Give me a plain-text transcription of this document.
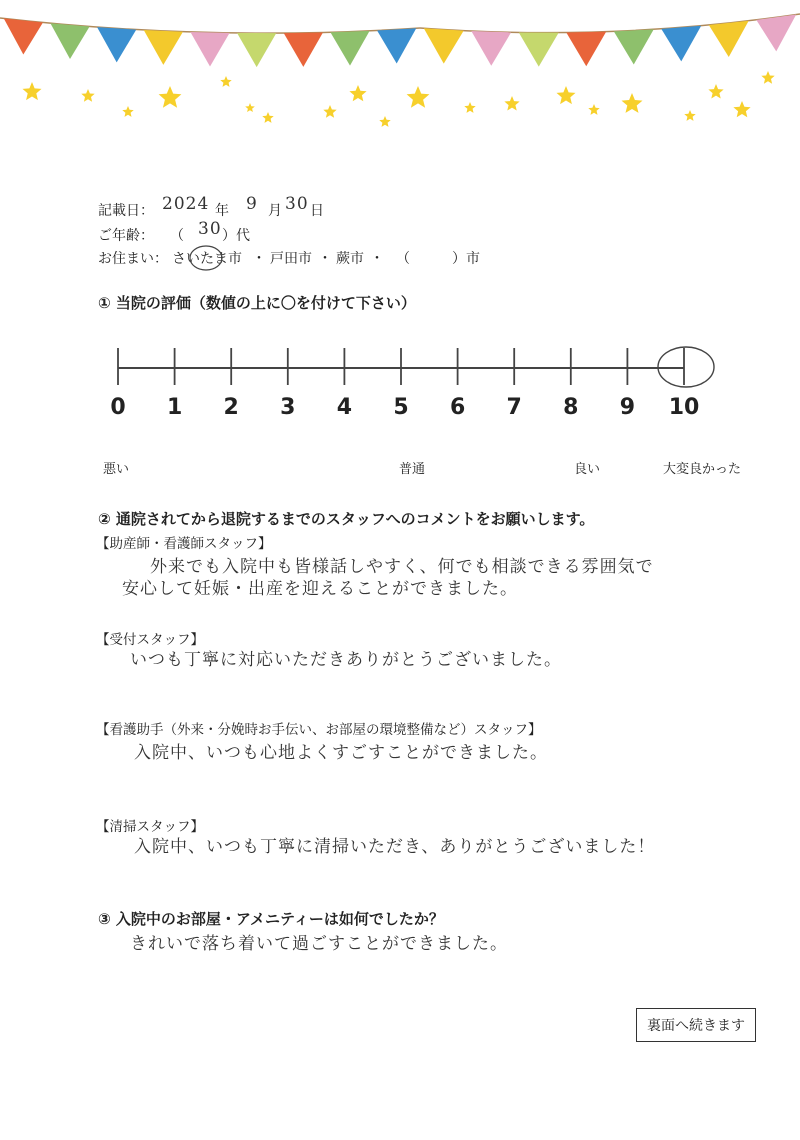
記載日： 2024 年 9 月 30 日
ご年齢： （ 30 ）代
お住まい： さいたま市 ・ 戸田市 ・ 蕨市 ・ （　　　）市
① 当院の評価（数値の上に〇を付けて下さい）
0 1 2 3 4 5 6 7 8 9 10
悪い	普通	良い	大変良かった
② 通院されてから退院するまでのスタッフへのコメントをお願いします。
【助産師・看護師スタッフ】
外来でも入院中も皆様話しやすく、何でも相談できる雰囲気で
安心して妊娠・出産を迎えることができました。
【受付スタッフ】
いつも丁寧に対応いただきありがとうございました。
【看護助手（外来・分娩時お手伝い、お部屋の環境整備など）スタッフ】
入院中、いつも心地よくすごすことができました。
【清掃スタッフ】
入院中、いつも丁寧に清掃いただき、ありがとうございました！
③ 入院中のお部屋・アメニティーは如何でしたか？
きれいで落ち着いて過ごすことができました。
裏面へ続きます
